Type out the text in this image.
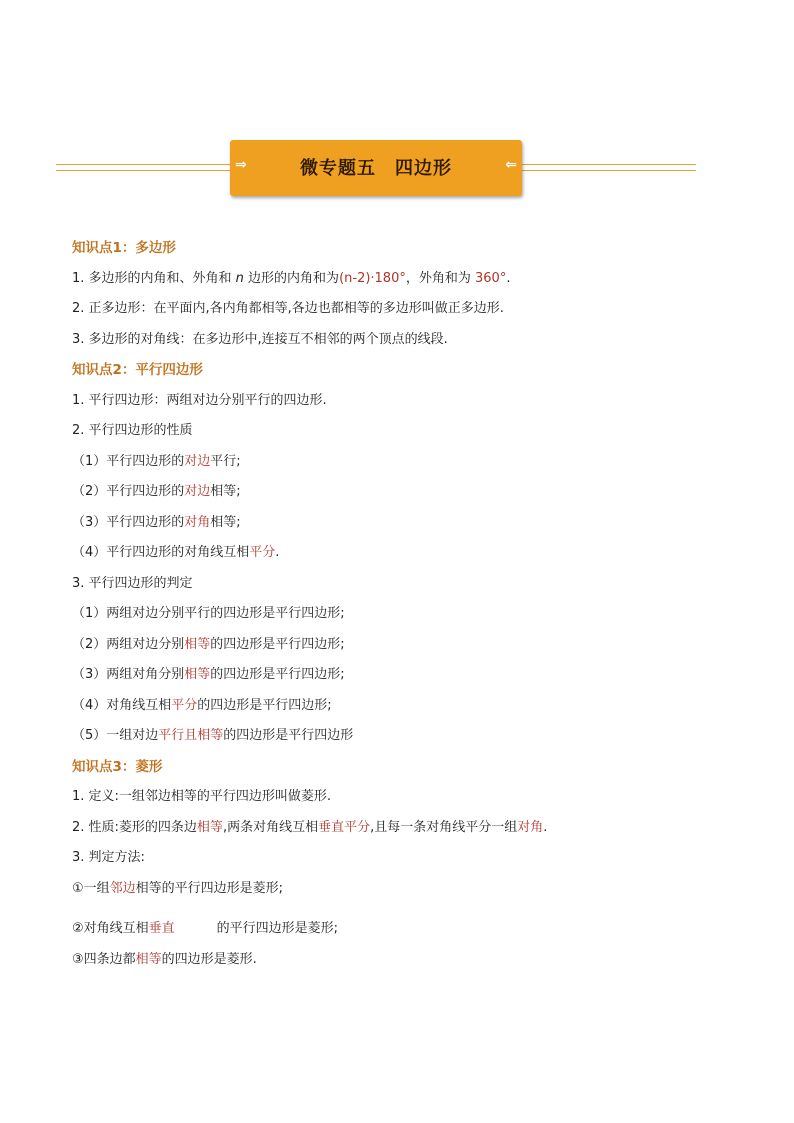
⇒	微专题五　四边形	⇐
知识点1：多边形
1. 多边形的内角和、外角和 n 边形的内角和为(n-2)·180°，外角和为 360°.
2. 正多边形：在平面内,各内角都相等,各边也都相等的多边形叫做正多边形.
3. 多边形的对角线：在多边形中,连接互不相邻的两个顶点的线段.
知识点2：平行四边形
1. 平行四边形：两组对边分别平行的四边形.
2. 平行四边形的性质
（1）平行四边形的对边平行;
（2）平行四边形的对边相等;
（3）平行四边形的对角相等;
（4）平行四边形的对角线互相平分.
3. 平行四边形的判定
（1）两组对边分别平行的四边形是平行四边形;
（2）两组对边分别相等的四边形是平行四边形;
（3）两组对角分别相等的四边形是平行四边形;
（4）对角线互相平分的四边形是平行四边形;
（5）一组对边平行且相等的四边形是平行四边形
知识点3：菱形
1. 定义:一组邻边相等的平行四边形叫做菱形.
2. 性质:菱形的四条边相等,两条对角线互相垂直平分,且每一条对角线平分一组对角.
3. 判定方法:
①一组邻边相等的平行四边形是菱形;
②对角线互相垂直	的平行四边形是菱形;
③四条边都相等的四边形是菱形.
